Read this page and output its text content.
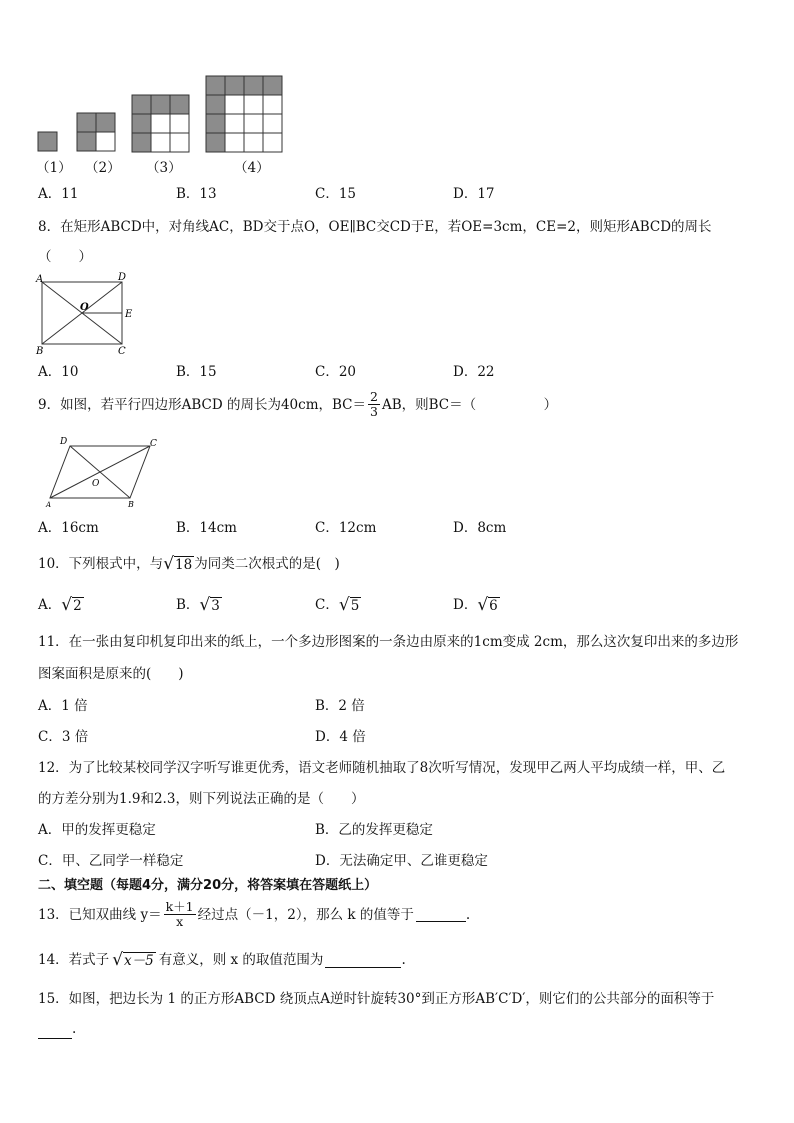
（1） （2） （3）	（4）
A．11	B．13	C．15	D．17
8．在矩形ABCD中，对角线AC，BD交于点O，OE∥BC交CD于E，若OE=3cm，CE=2，则矩形ABCD的周长
（　　）
A	D
B	C
O
E
A．10	B．15	C．20	D．22
9．如图，若平行四边形ABCD 的周长为40cm，$BC= \frac{2}{3}$ AB，则BC＝（　　　　　）
D	C
A	B
O
A．16cm	B．14cm	C．12cm	D．8cm
10．下列根式中，与 √ 18 为同类二次根式的是(　)
A． √ 2	B． √ 3	C． √ 5	D． √ 6
11．在一张由复印机复印出来的纸上，一个多边形图案的一条边由原来的1cm变成 2cm，那么这次复印出来的多边形
图案面积是原来的(　　)
A．1 倍	B．2 倍
C．3 倍	D．4 倍
12．为了比较某校同学汉字听写谁更优秀，语文老师随机抽取了8次听写情况，发现甲乙两人平均成绩一样，甲、乙
的方差分别为1.9和2.3，则下列说法正确的是（　　）
A．甲的发挥更稳定	B．乙的发挥更稳定
C．甲、乙同学一样稳定	D．无法确定甲、乙谁更稳定
二、填空题（每题4分，满分20分，将答案填在答题纸上）
13．已知双曲线 $y= \frac{k+1}{x}$ 经过点（－1，2），那么 k 的值等于	.
14．若式子 √ x－5 有意义，则 x 的取值范围为	.
15．如图，把边长为 1 的正方形ABCD 绕顶点A逆时针旋转30°到正方形AB′C′D′，则它们的公共部分的面积等于
.
